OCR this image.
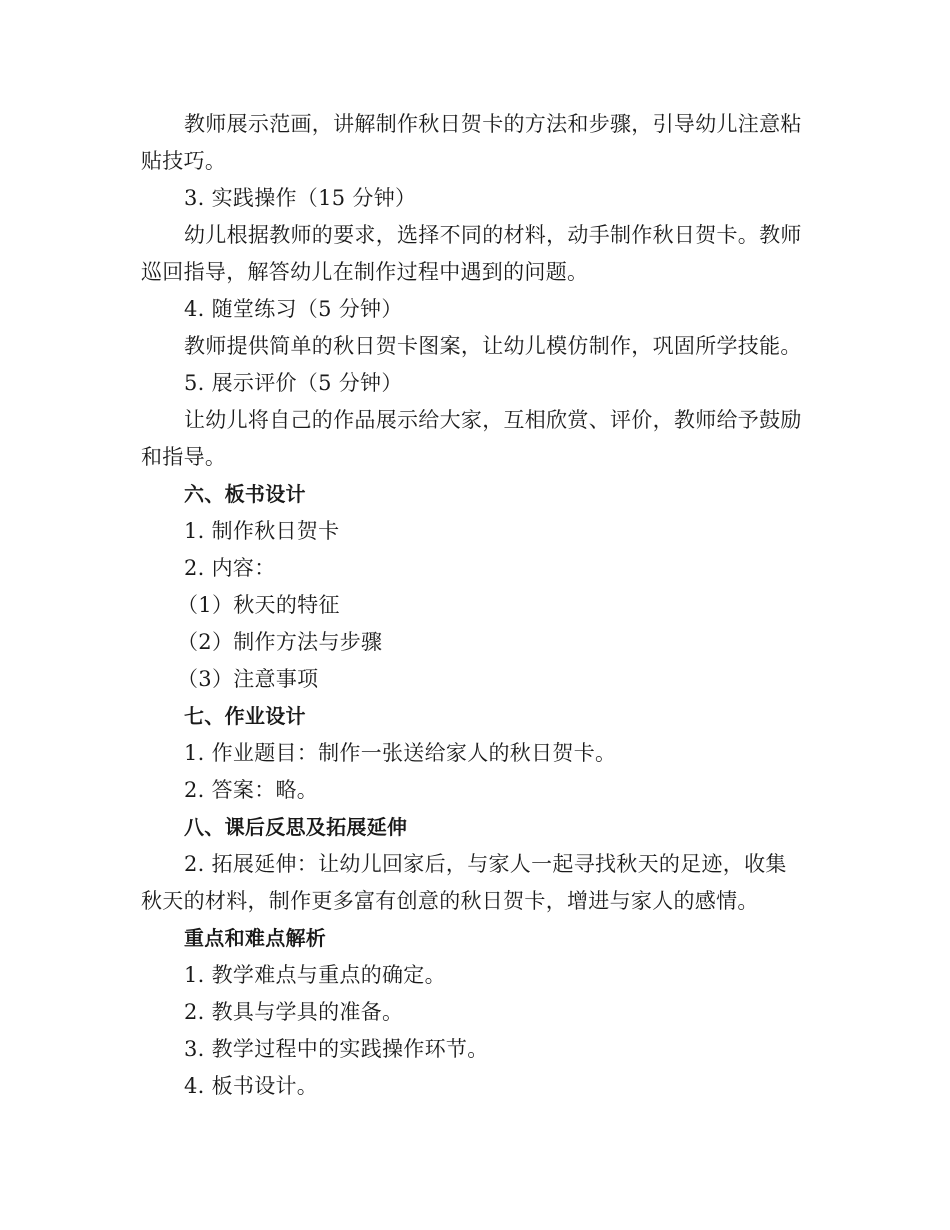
教师展示范画，讲解制作秋日贺卡的方法和步骤，引导幼儿注意粘贴技巧。

3. 实践操作（15 分钟）

幼儿根据教师的要求，选择不同的材料，动手制作秋日贺卡。教师巡回指导，解答幼儿在制作过程中遇到的问题。

4. 随堂练习（5 分钟）

教师提供简单的秋日贺卡图案，让幼儿模仿制作，巩固所学技能。

5. 展示评价（5 分钟）

让幼儿将自己的作品展示给大家，互相欣赏、评价，教师给予鼓励和指导。

六、板书设计

1. 制作秋日贺卡

2. 内容：

（1）秋天的特征

（2）制作方法与步骤

（3）注意事项

七、作业设计

1. 作业题目：制作一张送给家人的秋日贺卡。

2. 答案：略。

八、课后反思及拓展延伸

2. 拓展延伸：让幼儿回家后，与家人一起寻找秋天的足迹，收集秋天的材料，制作更多富有创意的秋日贺卡，增进与家人的感情。

重点和难点解析

1. 教学难点与重点的确定。

2. 教具与学具的准备。

3. 教学过程中的实践操作环节。

4. 板书设计。
